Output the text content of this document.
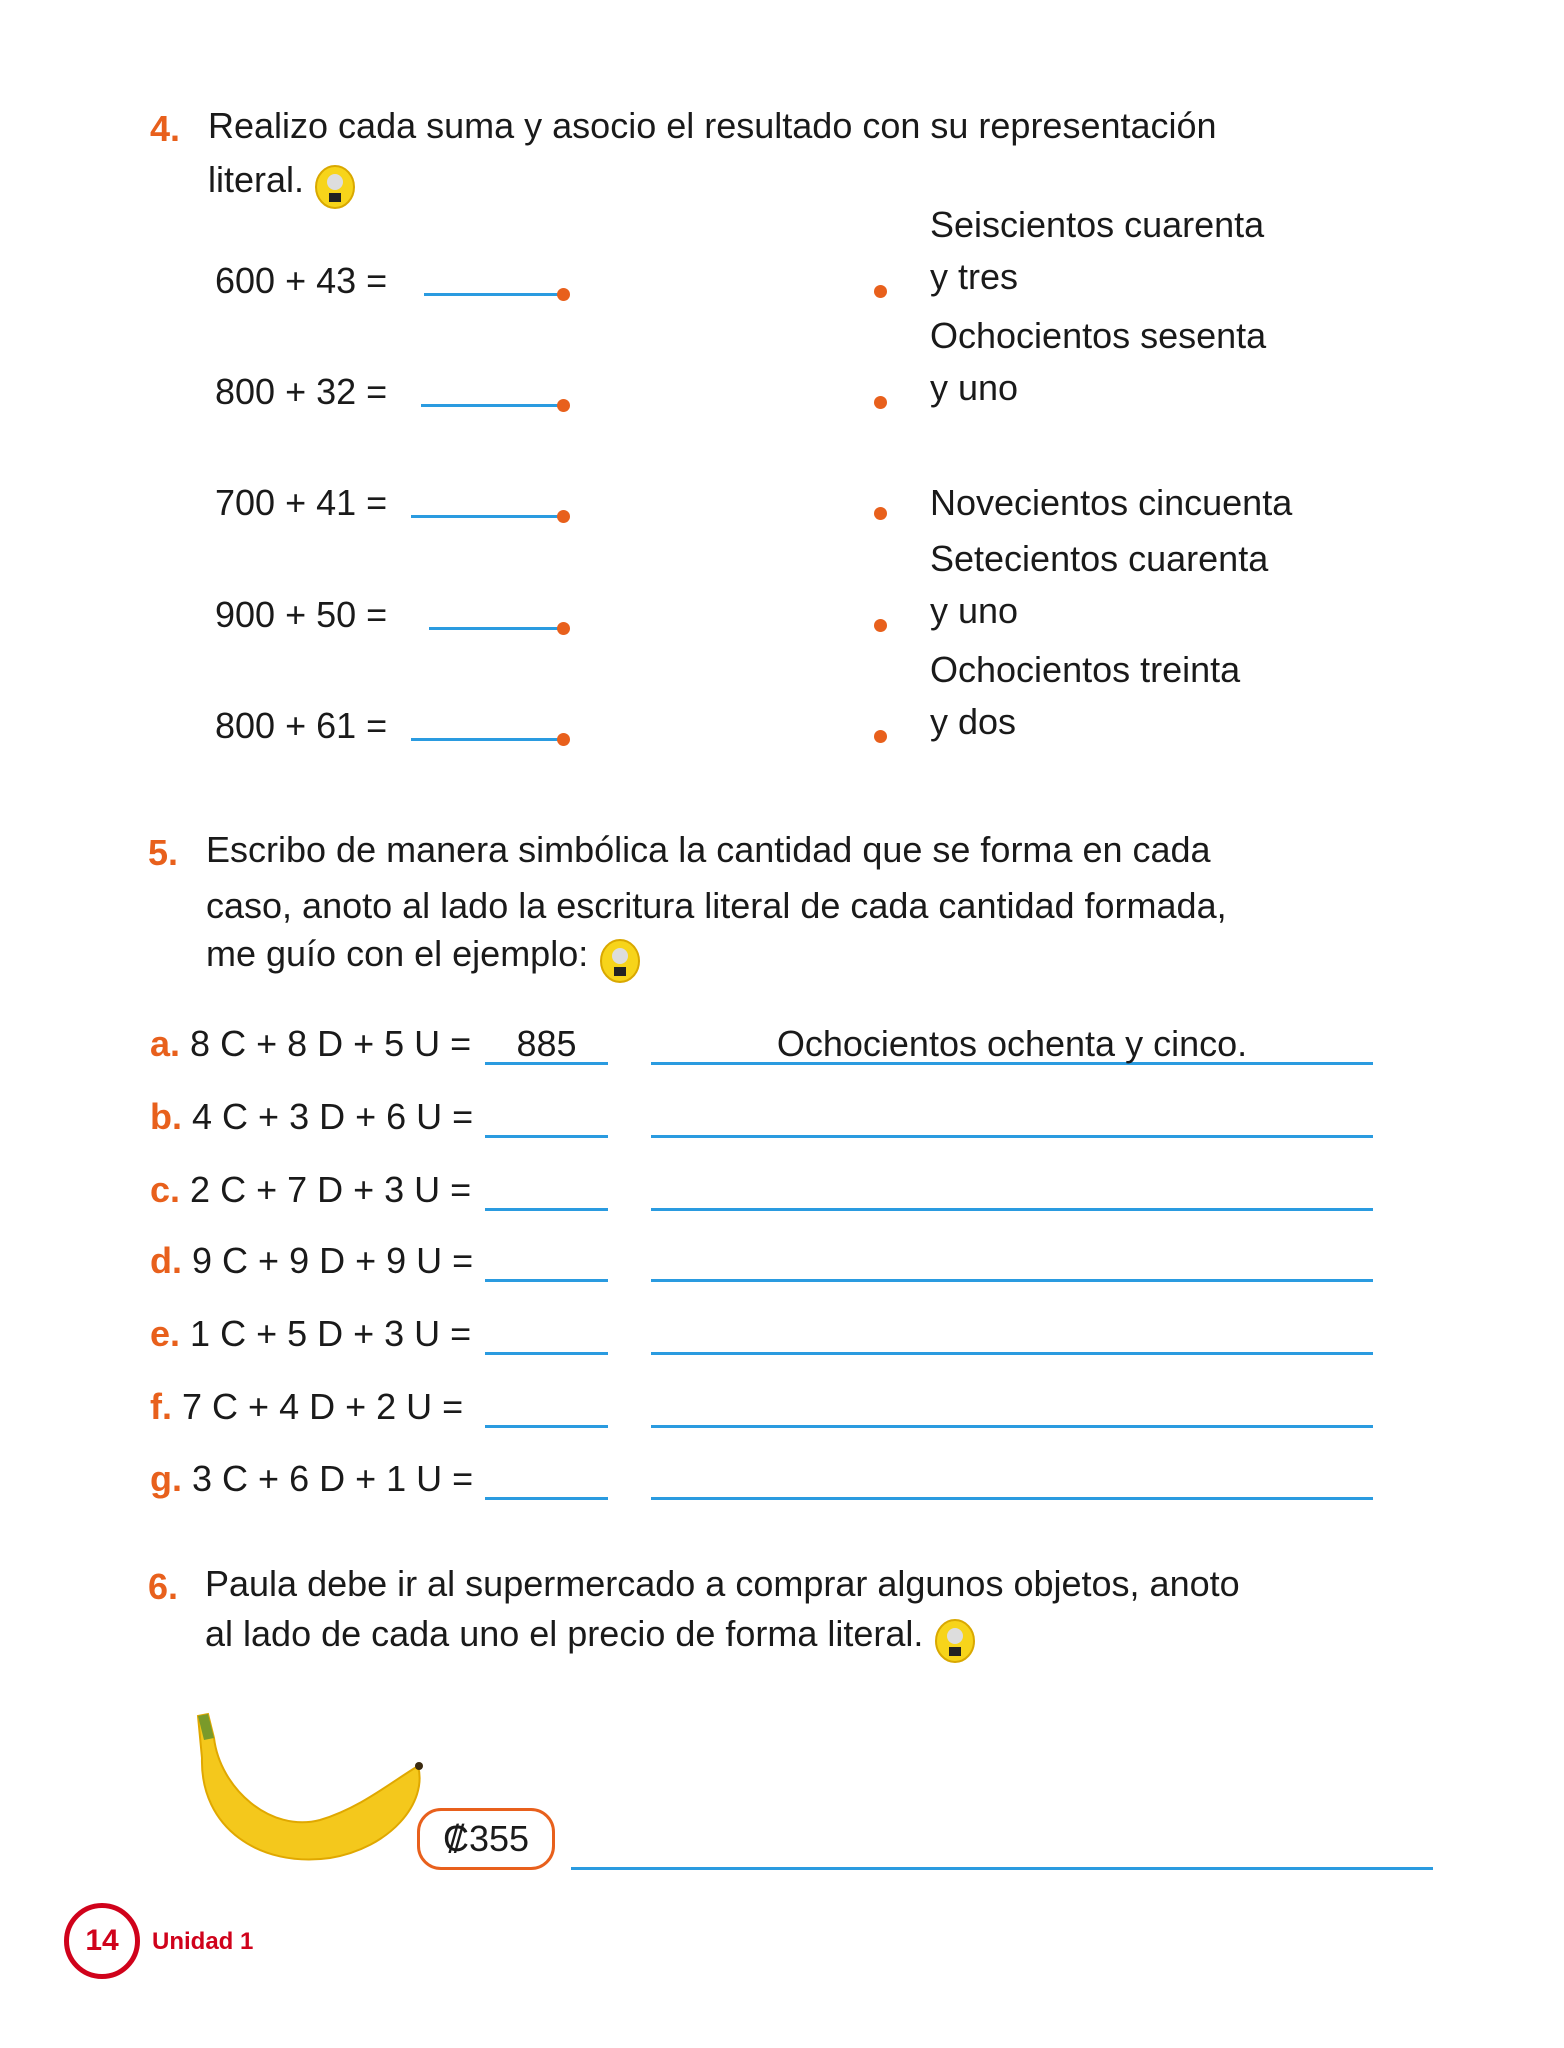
4. Realizo cada suma y asocio el resultado con su representación
literal.
600 + 43 =
800 + 32 =
700 + 41 =
900 + 50 =
800 + 61 =
Seiscientos cuarenta
y tres
Ochocientos sesenta
y uno
Novecientos cincuenta
Setecientos cuarenta
y uno
Ochocientos treinta
y dos
5. Escribo de manera simbólica la cantidad que se forma en cada
caso, anoto al lado la escritura literal de cada cantidad formada,
me guío con el ejemplo:
a. 8 C + 8 D + 5 U =	885	Ochocientos ochenta y cinco.
b. 4 C + 3 D + 6 U =
c. 2 C + 7 D + 3 U =
d. 9 C + 9 D + 9 U =
e. 1 C + 5 D + 3 U =
f. 7 C + 4 D + 2 U =
g. 3 C + 6 D + 1 U =
6. Paula debe ir al supermercado a comprar algunos objetos, anoto
al lado de cada uno el precio de forma literal.
₡355
14 Unidad 1
